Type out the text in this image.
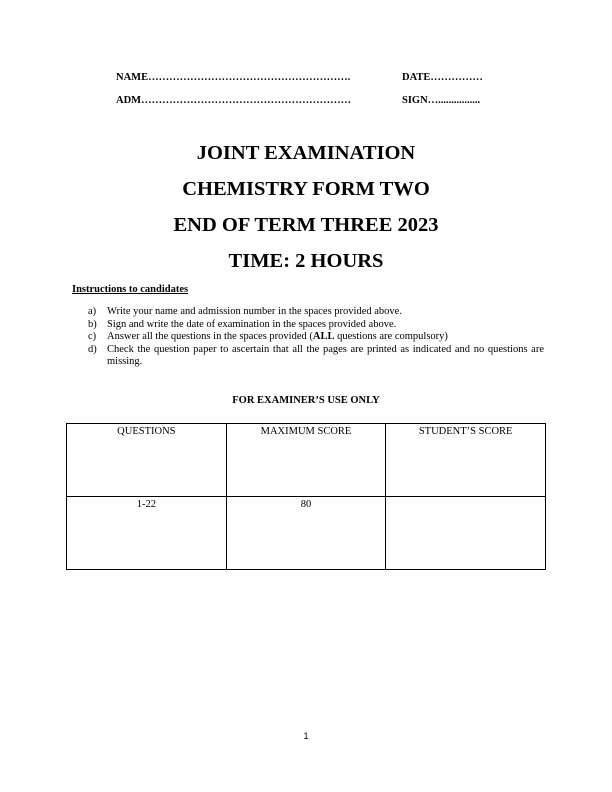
NAME………………………………………………….	DATE……………
ADM……………………………………………………	SIGN…................
JOINT EXAMINATION
CHEMISTRY FORM TWO
END OF TERM THREE 2023
TIME: 2 HOURS
Instructions to candidates
a)	Write your name and admission number in the spaces provided above.
b) Sign and write the date of examination in the spaces provided above.
c)	Answer all the questions in the spaces provided (ALL questions are compulsory)
d) Check the question paper to ascertain that all the pages are printed as indicated and no questions are missing.
FOR EXAMINER’S USE ONLY
QUESTIONS	MAXIMUM SCORE	STUDENT’S SCORE
1-22	80	
1
